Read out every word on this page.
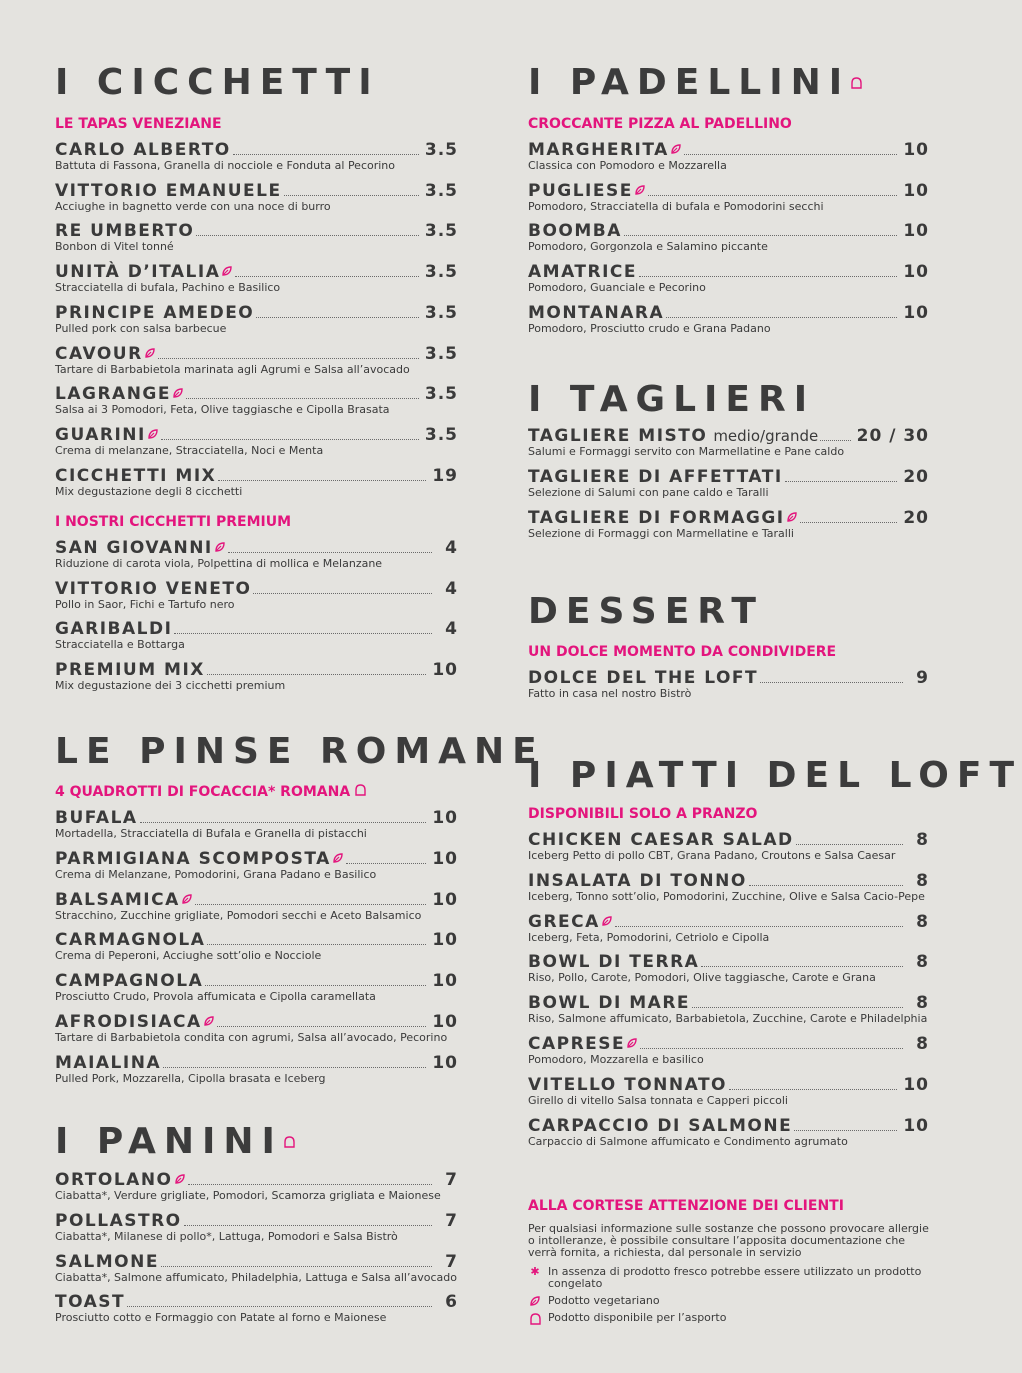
I CICCHETTI
LE TAPAS VENEZIANE
CARLO ALBERTO	3.5
Battuta di Fassona, Granella di nocciole e Fonduta al Pecorino
VITTORIO EMANUELE	3.5
Acciughe in bagnetto verde con una noce di burro
RE UMBERTO	3.5
Bonbon di Vitel tonné
UNITÀ D’ITALIA	3.5
Stracciatella di bufala, Pachino e Basilico
PRINCIPE AMEDEO	3.5
Pulled pork con salsa barbecue
CAVOUR	3.5
Tartare di Barbabietola marinata agli Agrumi e Salsa all’avocado
LAGRANGE	3.5
Salsa ai 3 Pomodori, Feta, Olive taggiasche e Cipolla Brasata
GUARINI	3.5
Crema di melanzane, Stracciatella, Noci e Menta
CICCHETTI MIX	19
Mix degustazione degli 8 cicchetti
I NOSTRI CICCHETTI PREMIUM
SAN GIOVANNI	4
Riduzione di carota viola, Polpettina di mollica e Melanzane
VITTORIO VENETO	4
Pollo in Saor, Fichi e Tartufo nero
GARIBALDI	4
Stracciatella e Bottarga
PREMIUM MIX	10
Mix degustazione dei 3 cicchetti premium
LE PINSE ROMANE
4 QUADROTTI DI FOCACCIA* ROMANA
BUFALA	10
Mortadella, Stracciatella di Bufala e Granella di pistacchi
PARMIGIANA SCOMPOSTA	10
Crema di Melanzane, Pomodorini, Grana Padano e Basilico
BALSAMICA	10
Stracchino, Zucchine grigliate, Pomodori secchi e Aceto Balsamico
CARMAGNOLA	10
Crema di Peperoni, Acciughe sott’olio e Nocciole
CAMPAGNOLA	10
Prosciutto Crudo, Provola affumicata e Cipolla caramellata
AFRODISIACA	10
Tartare di Barbabietola condita con agrumi, Salsa all’avocado, Pecorino
MAIALINA	10
Pulled Pork, Mozzarella, Cipolla brasata e Iceberg
I PANINI
ORTOLANO	7
Ciabatta*, Verdure grigliate, Pomodori, Scamorza grigliata e Maionese
POLLASTRO	7
Ciabatta*, Milanese di pollo*, Lattuga, Pomodori e Salsa Bistrò
SALMONE	7
Ciabatta*, Salmone affumicato, Philadelphia, Lattuga e Salsa all’avocado
TOAST	6
Prosciutto cotto e Formaggio con Patate al forno e Maionese
I PADELLINI
CROCCANTE PIZZA AL PADELLINO
MARGHERITA	10
Classica con Pomodoro e Mozzarella
PUGLIESE	10
Pomodoro, Stracciatella di bufala e Pomodorini secchi
BOOMBA	10
Pomodoro, Gorgonzola e Salamino piccante
AMATRICE	10
Pomodoro, Guanciale e Pecorino
MONTANARA	10
Pomodoro, Prosciutto crudo e Grana Padano
I TAGLIERI
TAGLIERE MISTO medio/grande 20 / 30
Salumi e Formaggi servito con Marmellatine e Pane caldo
TAGLIERE DI AFFETTATI	20
Selezione di Salumi con pane caldo e Taralli
TAGLIERE DI FORMAGGI	20
Selezione di Formaggi con Marmellatine e Taralli
DESSERT
UN DOLCE MOMENTO DA CONDIVIDERE
DOLCE DEL THE LOFT	9
Fatto in casa nel nostro Bistrò
I PIATTI DEL LOFT
DISPONIBILI SOLO A PRANZO
CHICKEN CAESAR SALAD	8
Iceberg Petto di pollo CBT, Grana Padano, Croutons e Salsa Caesar
INSALATA DI TONNO	8
Iceberg, Tonno sott’olio, Pomodorini, Zucchine, Olive e Salsa Cacio-Pepe
GRECA	8
Iceberg, Feta, Pomodorini, Cetriolo e Cipolla
BOWL DI TERRA	8
Riso, Pollo, Carote, Pomodori, Olive taggiasche, Carote e Grana
BOWL DI MARE	8
Riso, Salmone affumicato, Barbabietola, Zucchine, Carote e Philadelphia
CAPRESE	8
Pomodoro, Mozzarella e basilico
VITELLO TONNATO	10
Girello di vitello Salsa tonnata e Capperi piccoli
CARPACCIO DI SALMONE	10
Carpaccio di Salmone affumicato e Condimento agrumato
ALLA CORTESE ATTENZIONE DEI CLIENTI
Per qualsiasi informazione sulle sostanze che possono provocare allergie o intolleranze, è possibile consultare l’apposita documentazione che verrà fornita, a richiesta, dal personale in servizio
✱ In assenza di prodotto fresco potrebbe essere utilizzato un prodotto congelato
Podotto vegetariano
Podotto disponibile per l’asporto
